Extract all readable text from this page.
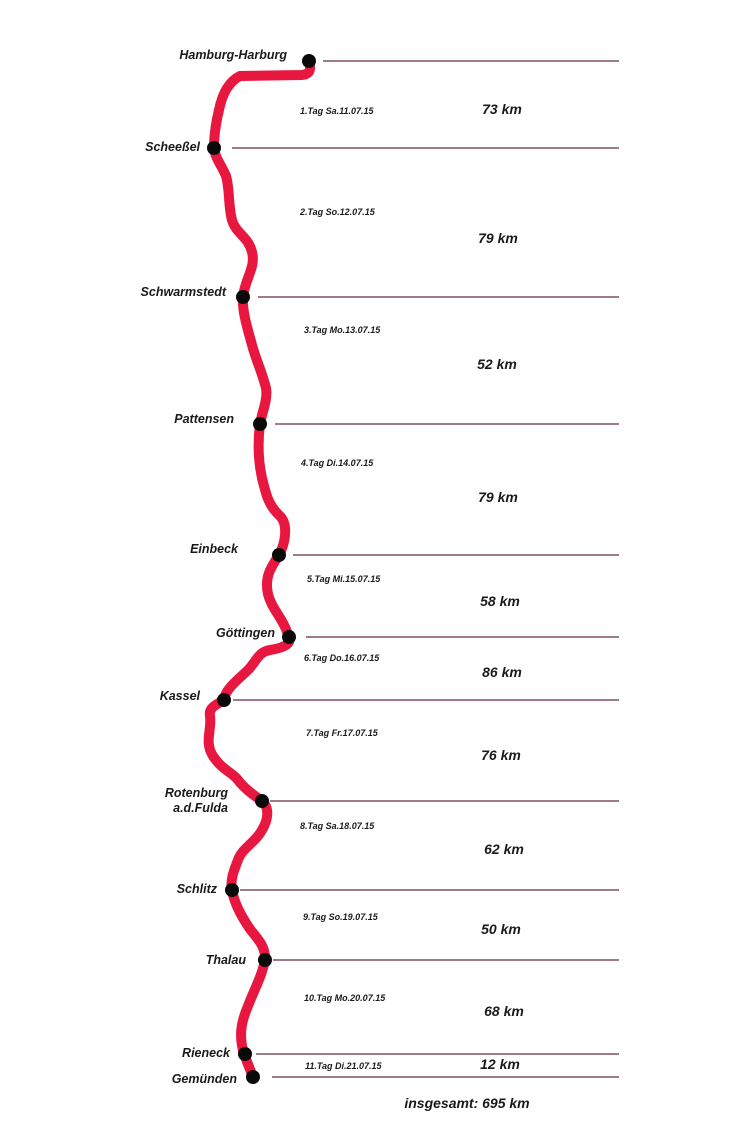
Hamburg-Harburg
Scheeßel
Schwarmstedt
Pattensen
Einbeck
Göttingen
Kassel
Rotenburg
a.d.Fulda
Schlitz
Thalau
Rieneck
Gemünden
1.Tag Sa.11.07.15	73 km
2.Tag So.12.07.15
79 km
3.Tag Mo.13.07.15
52 km
4.Tag Di.14.07.15
79 km
5.Tag Mi.15.07.15
58 km
6.Tag Do.16.07.15
86 km
7.Tag Fr.17.07.15
76 km
8.Tag Sa.18.07.15
62 km
9.Tag So.19.07.15
50 km
10.Tag Mo.20.07.15
68 km
11.Tag Di.21.07.15	12 km
insgesamt: 695 km
